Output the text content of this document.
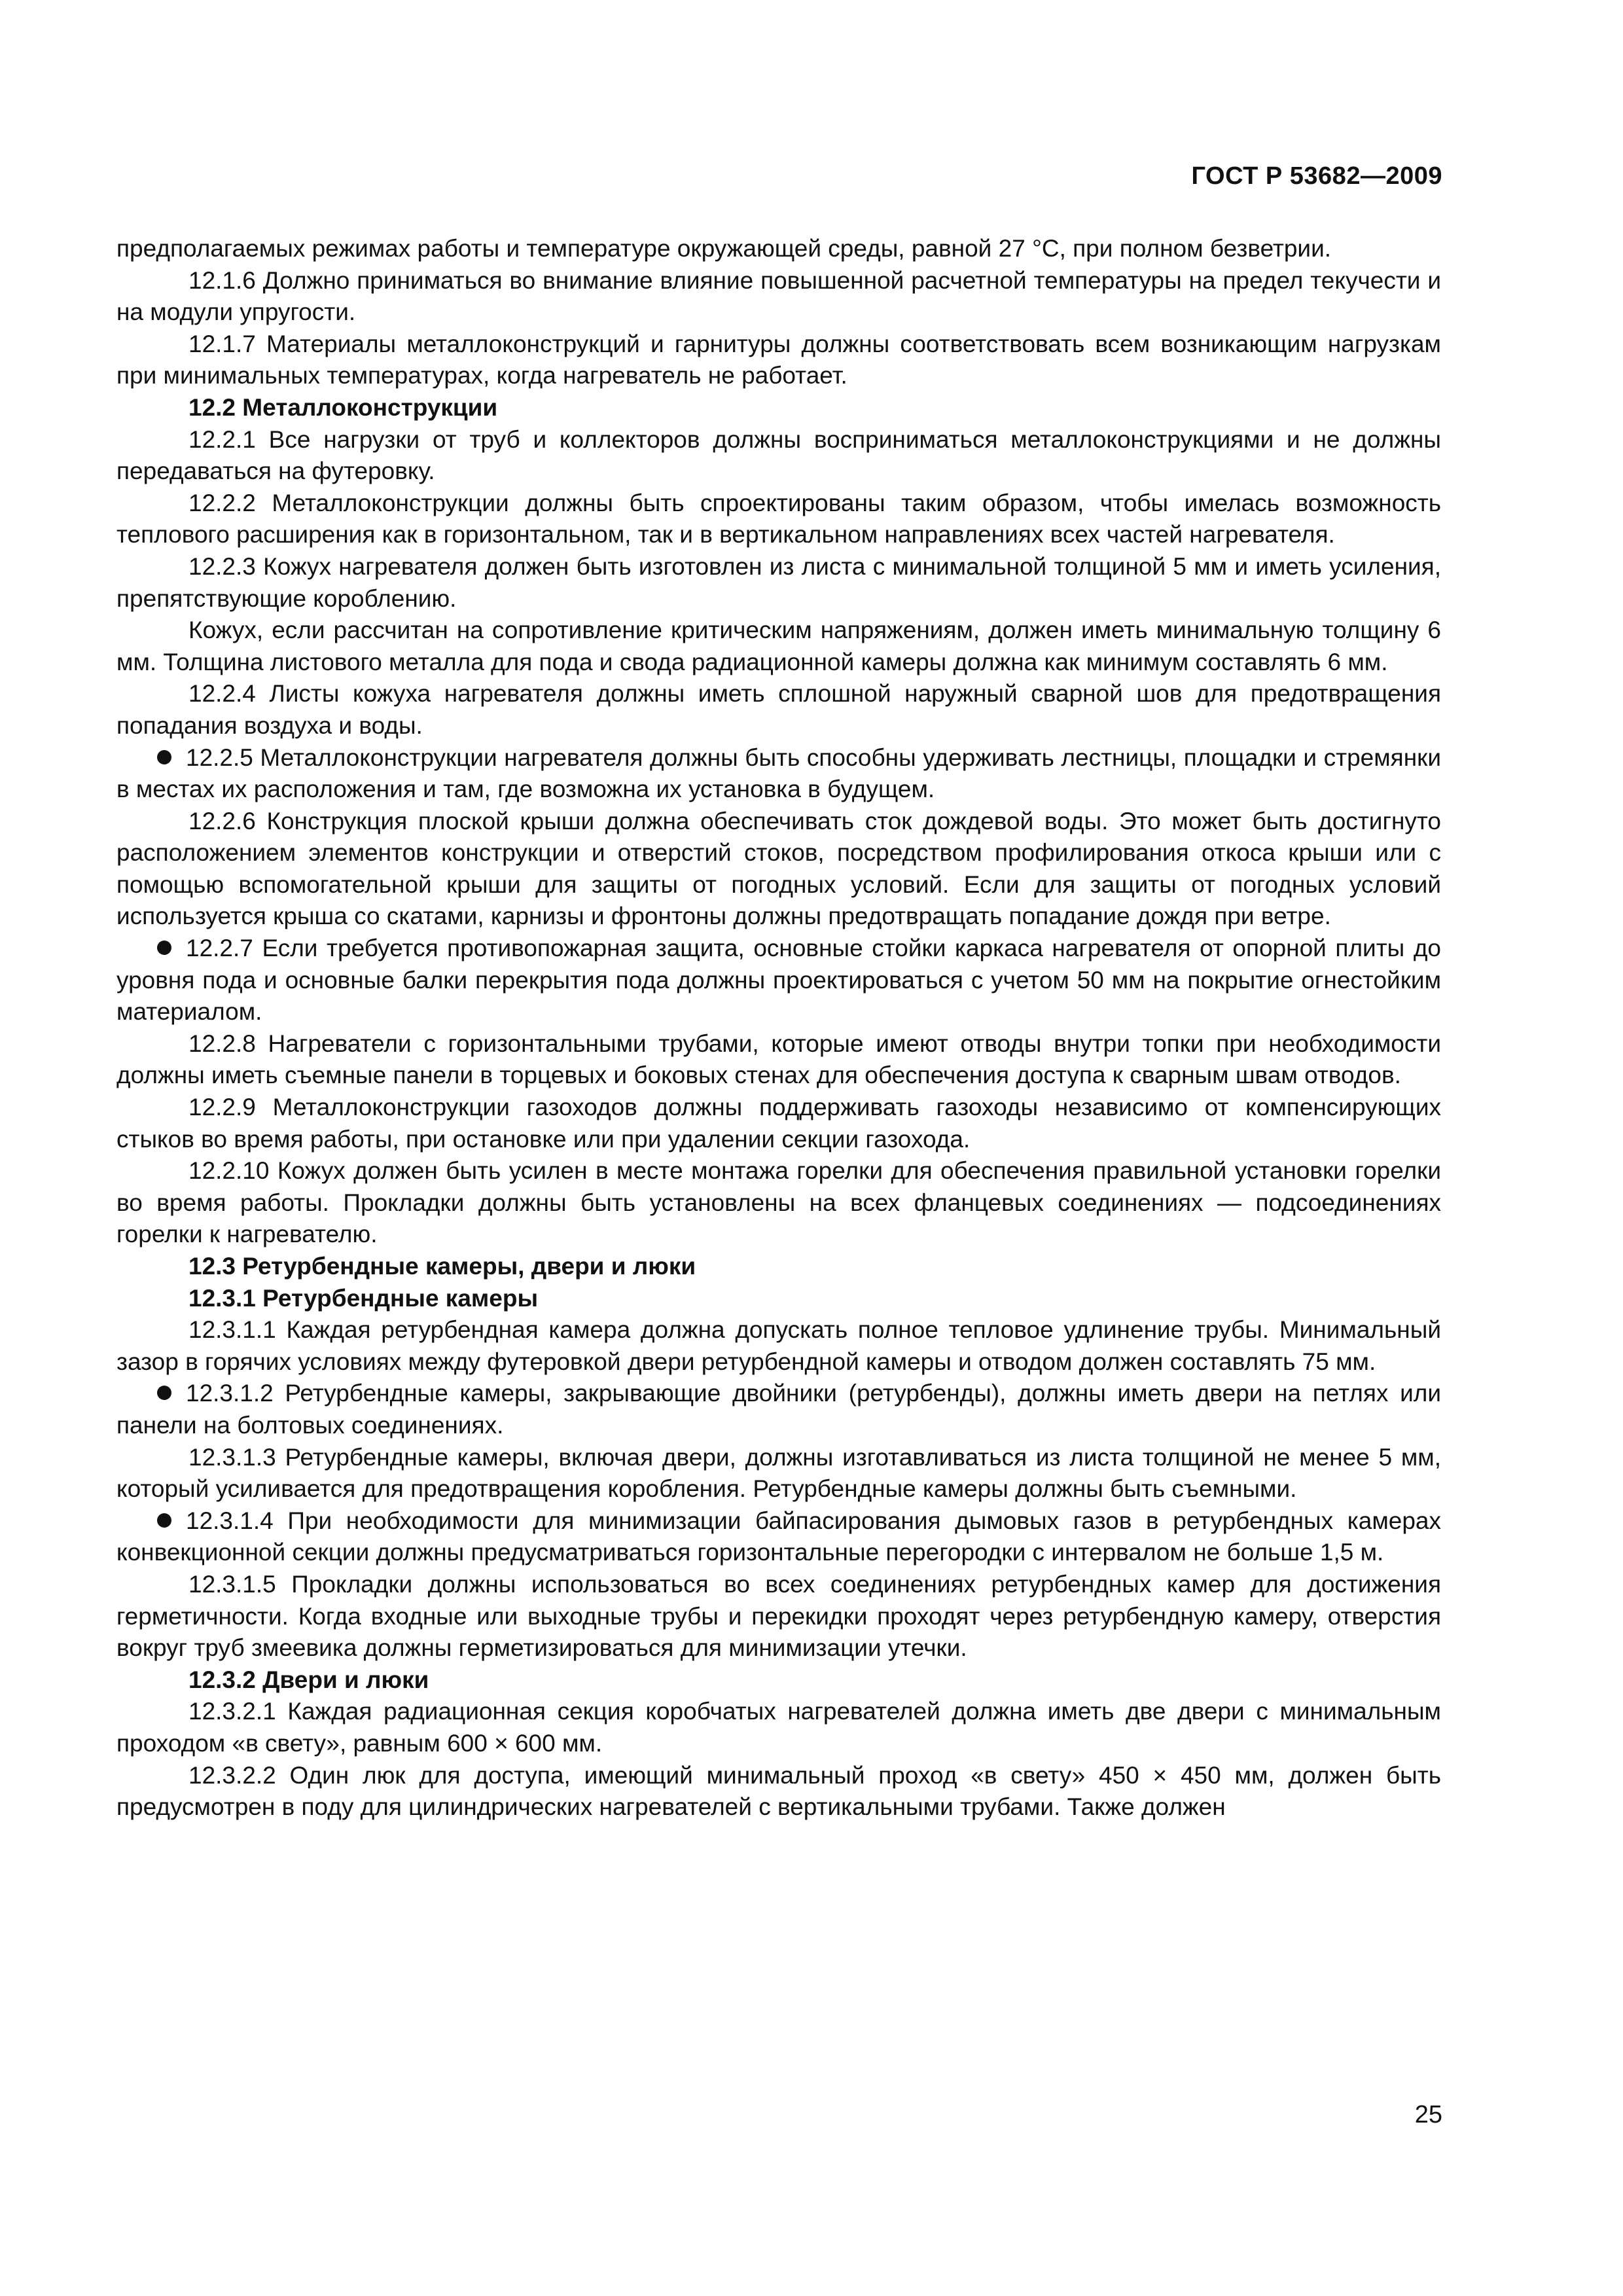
ГОСТ Р 53682—2009

предполагаемых режимах работы и температуре окружающей среды, равной 27 °С, при полном безветрии.

12.1.6 Должно приниматься во внимание влияние повышенной расчетной температуры на предел текучести и на модули упругости.

12.1.7 Материалы металлоконструкций и гарнитуры должны соответствовать всем возникающим нагрузкам при минимальных температурах, когда нагреватель не работает.

12.2 Металлоконструкции

12.2.1 Все нагрузки от труб и коллекторов должны восприниматься металлоконструкциями и не должны передаваться на футеровку.

12.2.2 Металлоконструкции должны быть спроектированы таким образом, чтобы имелась возможность теплового расширения как в горизонтальном, так и в вертикальном направлениях всех частей нагревателя.

12.2.3 Кожух нагревателя должен быть изготовлен из листа с минимальной толщиной 5 мм и иметь усиления, препятствующие короблению.

Кожух, если рассчитан на сопротивление критическим напряжениям, должен иметь минимальную толщину 6 мм. Толщина листового металла для пода и свода радиационной камеры должна как минимум составлять 6 мм.

12.2.4 Листы кожуха нагревателя должны иметь сплошной наружный сварной шов для предотвращения попадания воздуха и воды.

12.2.5 Металлоконструкции нагревателя должны быть способны удерживать лестницы, площадки и стремянки в местах их расположения и там, где возможна их установка в будущем.

12.2.6 Конструкция плоской крыши должна обеспечивать сток дождевой воды. Это может быть достигнуто расположением элементов конструкции и отверстий стоков, посредством профилирования откоса крыши или с помощью вспомогательной крыши для защиты от погодных условий. Если для защиты от погодных условий используется крыша со скатами, карнизы и фронтоны должны предотвращать попадание дождя при ветре.

12.2.7 Если требуется противопожарная защита, основные стойки каркаса нагревателя от опорной плиты до уровня пода и основные балки перекрытия пода должны проектироваться с учетом 50 мм на покрытие огнестойким материалом.

12.2.8 Нагреватели с горизонтальными трубами, которые имеют отводы внутри топки при необходимости должны иметь съемные панели в торцевых и боковых стенах для обеспечения доступа к сварным швам отводов.

12.2.9 Металлоконструкции газоходов должны поддерживать газоходы независимо от компенсирующих стыков во время работы, при остановке или при удалении секции газохода.

12.2.10 Кожух должен быть усилен в месте монтажа горелки для обеспечения правильной установки горелки во время работы. Прокладки должны быть установлены на всех фланцевых соединениях — подсоединениях горелки к нагревателю.

12.3 Ретурбендные камеры, двери и люки

12.3.1 Ретурбендные камеры

12.3.1.1 Каждая ретурбендная камера должна допускать полное тепловое удлинение трубы. Минимальный зазор в горячих условиях между футеровкой двери ретурбендной камеры и отводом должен составлять 75 мм.

12.3.1.2 Ретурбендные камеры, закрывающие двойники (ретурбенды), должны иметь двери на петлях или панели на болтовых соединениях.

12.3.1.3 Ретурбендные камеры, включая двери, должны изготавливаться из листа толщиной не менее 5 мм, который усиливается для предотвращения коробления. Ретурбендные камеры должны быть съемными.

12.3.1.4 При необходимости для минимизации байпасирования дымовых газов в ретурбендных камерах конвекционной секции должны предусматриваться горизонтальные перегородки с интервалом не больше 1,5 м.

12.3.1.5 Прокладки должны использоваться во всех соединениях ретурбендных камер для достижения герметичности. Когда входные или выходные трубы и перекидки проходят через ретурбендную камеру, отверстия вокруг труб змеевика должны герметизироваться для минимизации утечки.

12.3.2 Двери и люки

12.3.2.1 Каждая радиационная секция коробчатых нагревателей должна иметь две двери с минимальным проходом «в свету», равным 600 × 600 мм.

12.3.2.2 Один люк для доступа, имеющий минимальный проход «в свету» 450 × 450 мм, должен быть предусмотрен в поду для цилиндрических нагревателей с вертикальными трубами. Также должен

25
